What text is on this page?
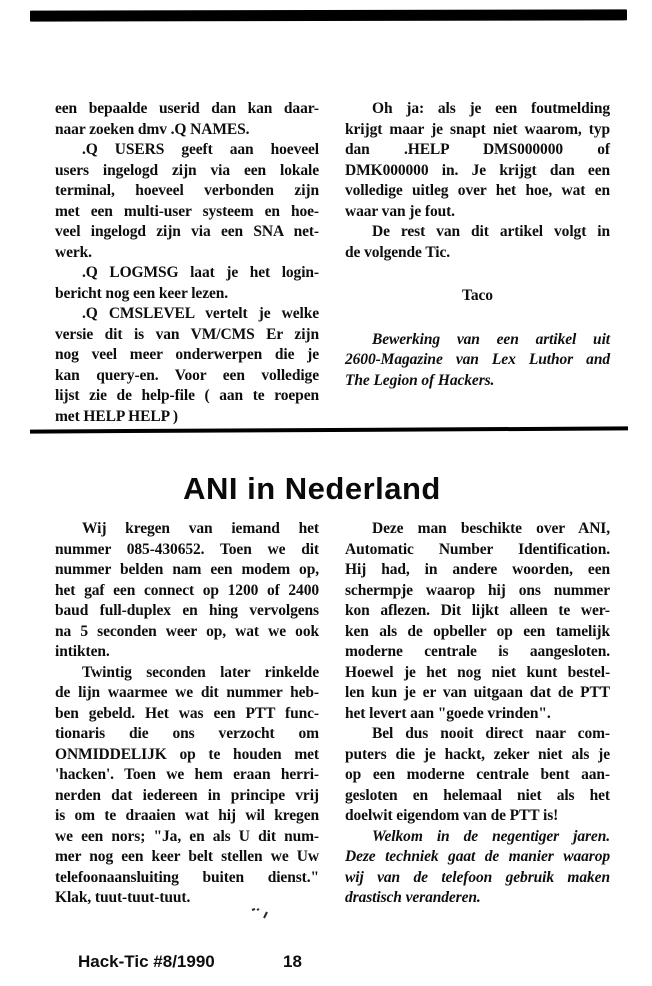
een bepaalde userid dan kan daar-
naar zoeken dmv .Q NAMES.
.Q USERS geeft aan hoeveel
users ingelogd zijn via een lokale
terminal, hoeveel verbonden zijn
met een multi-user systeem en hoe-
veel ingelogd zijn via een SNA net-
werk.
.Q LOGMSG laat je het login-
bericht nog een keer lezen.
.Q CMSLEVEL vertelt je welke
versie dit is van VM/CMS Er zijn
nog veel meer onderwerpen die je
kan query-en. Voor een volledige
lijst zie de help-file ( aan te roepen
met HELP HELP )
Oh ja: als je een foutmelding
krijgt maar je snapt niet waarom, typ
dan .HELP DMS000000 of
DMK000000 in. Je krijgt dan een
volledige uitleg over het hoe, wat en
waar van je fout.
De rest van dit artikel volgt in
de volgende Tic.
Taco
Bewerking van een artikel uit
2600-Magazine van Lex Luthor and
The Legion of Hackers.
ANI in Nederland
Wij kregen van iemand het
nummer 085-430652. Toen we dit
nummer belden nam een modem op,
het gaf een connect op 1200 of 2400
baud full-duplex en hing vervolgens
na 5 seconden weer op, wat we ook
intikten.
Twintig seconden later rinkelde
de lijn waarmee we dit nummer heb-
ben gebeld. Het was een PTT func-
tionaris die ons verzocht om
ONMIDDELIJK op te houden met
'hacken'. Toen we hem eraan herri-
nerden dat iedereen in principe vrij
is om te draaien wat hij wil kregen
we een nors; "Ja, en als U dit num-
mer nog een keer belt stellen we Uw
telefoonaansluiting buiten dienst."
Klak, tuut-tuut-tuut.
Deze man beschikte over ANI,
Automatic Number Identification.
Hij had, in andere woorden, een
schermpje waarop hij ons nummer
kon aflezen. Dit lijkt alleen te wer-
ken als de opbeller op een tamelijk
moderne centrale is aangesloten.
Hoewel je het nog niet kunt bestel-
len kun je er van uitgaan dat de PTT
het levert aan "goede vrinden".
Bel dus nooit direct naar com-
puters die je hackt, zeker niet als je
op een moderne centrale bent aan-
gesloten en helemaal niet als het
doelwit eigendom van de PTT is!
Welkom in de negentiger jaren.
Deze techniek gaat de manier waarop
wij van de telefoon gebruik maken
drastisch veranderen.
Hack-Tic #8/1990	18
